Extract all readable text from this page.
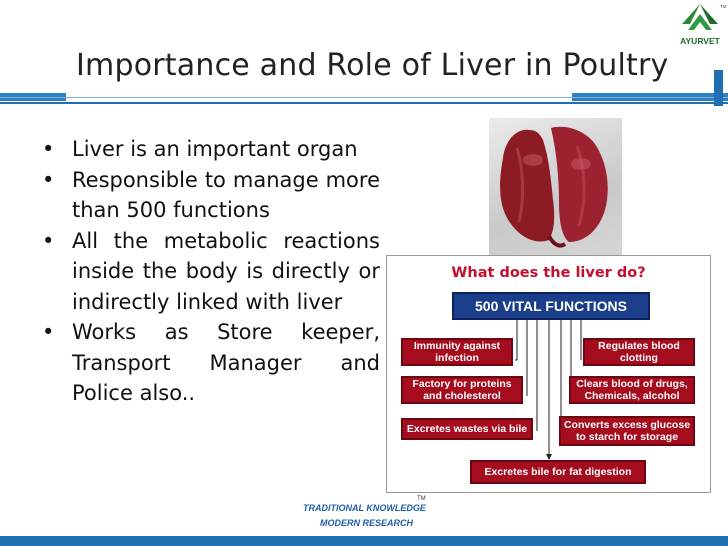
Importance and Role of Liver in Poultry
AYURVET
TM
• Liver is an important organ
• Responsible to manage more than 500 functions
• All the metabolic reactions inside the body is directly or indirectly linked with liver
• Works as Store keeper, Transport Manager and Police also..
What does the liver do?
500 VITAL FUNCTIONS
Immunity against infection
Factory for proteins and cholesterol
Excretes wastes via bile
Regulates blood clotting
Clears blood of drugs, Chemicals, alcohol
Converts excess glucose to starch for storage
Excretes bile for fat digestion
TRADITIONAL KNOWLEDGE
MODERN RESEARCH
TM
